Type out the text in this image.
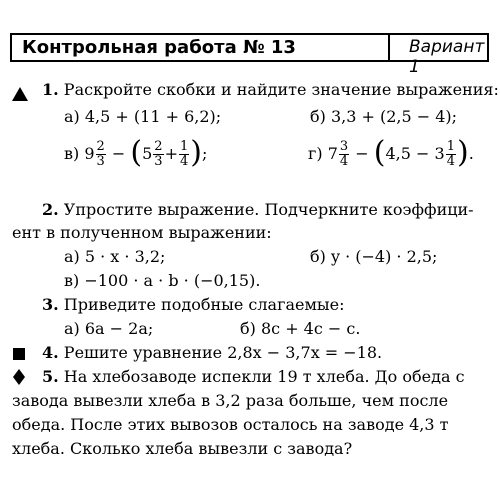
Контрольная работа № 13	Вариант 1
1. Раскройте скобки и найдите значение выражения:
а) 4,5 + (11 + 6,2);	б) 3,3 + (2,5 − 4);
в) $9 \frac{2}{3} - (5 \frac{2}{3} + \frac{1}{4}$ );	г) $7 \frac{3}{4} - (4,5 - 3 \frac{1}{4}$ ).
2. Упростите выражение. Подчеркните коэффици-
ент в полученном выражении:
а) 5 · x · 3,2;	б) y · (−4) · 2,5;
в) −100 · a · b · (−0,15).
3. Приведите подобные слагаемые:
а) 6a − 2a;	б) 8c + 4c − c.
4. Решите уравнение 2,8x − 3,7x = −18.
5. На хлебозаводе испекли 19 т хлеба. До обеда с
завода вывезли хлеба в 3,2 раза больше, чем после
обеда. После этих вывозов осталось на заводе 4,3 т
хлеба. Сколько хлеба вывезли с завода?
